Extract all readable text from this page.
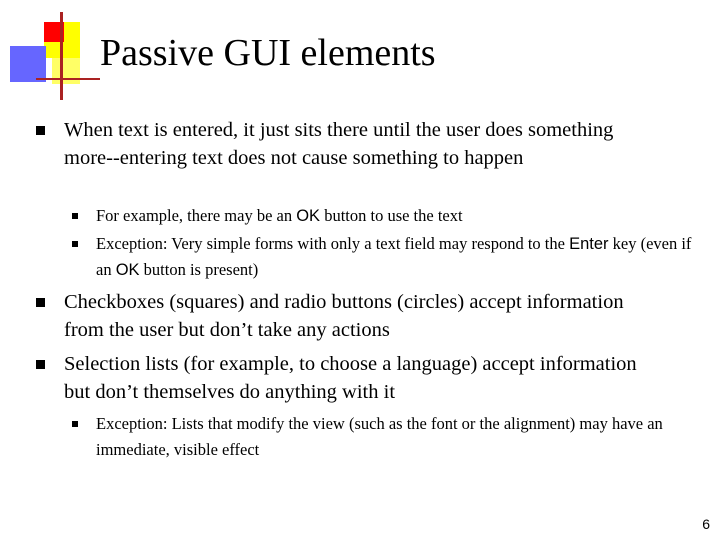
Passive GUI elements
When text is entered, it just sits there until the user does something more--entering text does not cause something to happen
For example, there may be an OK button to use the text
Exception: Very simple forms with only a text field may respond to the Enter key (even if an OK button is present)
Checkboxes (squares) and radio buttons (circles) accept information from the user but don’t take any actions
Selection lists (for example, to choose a language) accept information but don’t themselves do anything with it
Exception: Lists that modify the view (such as the font or the alignment) may have an immediate, visible effect
6
